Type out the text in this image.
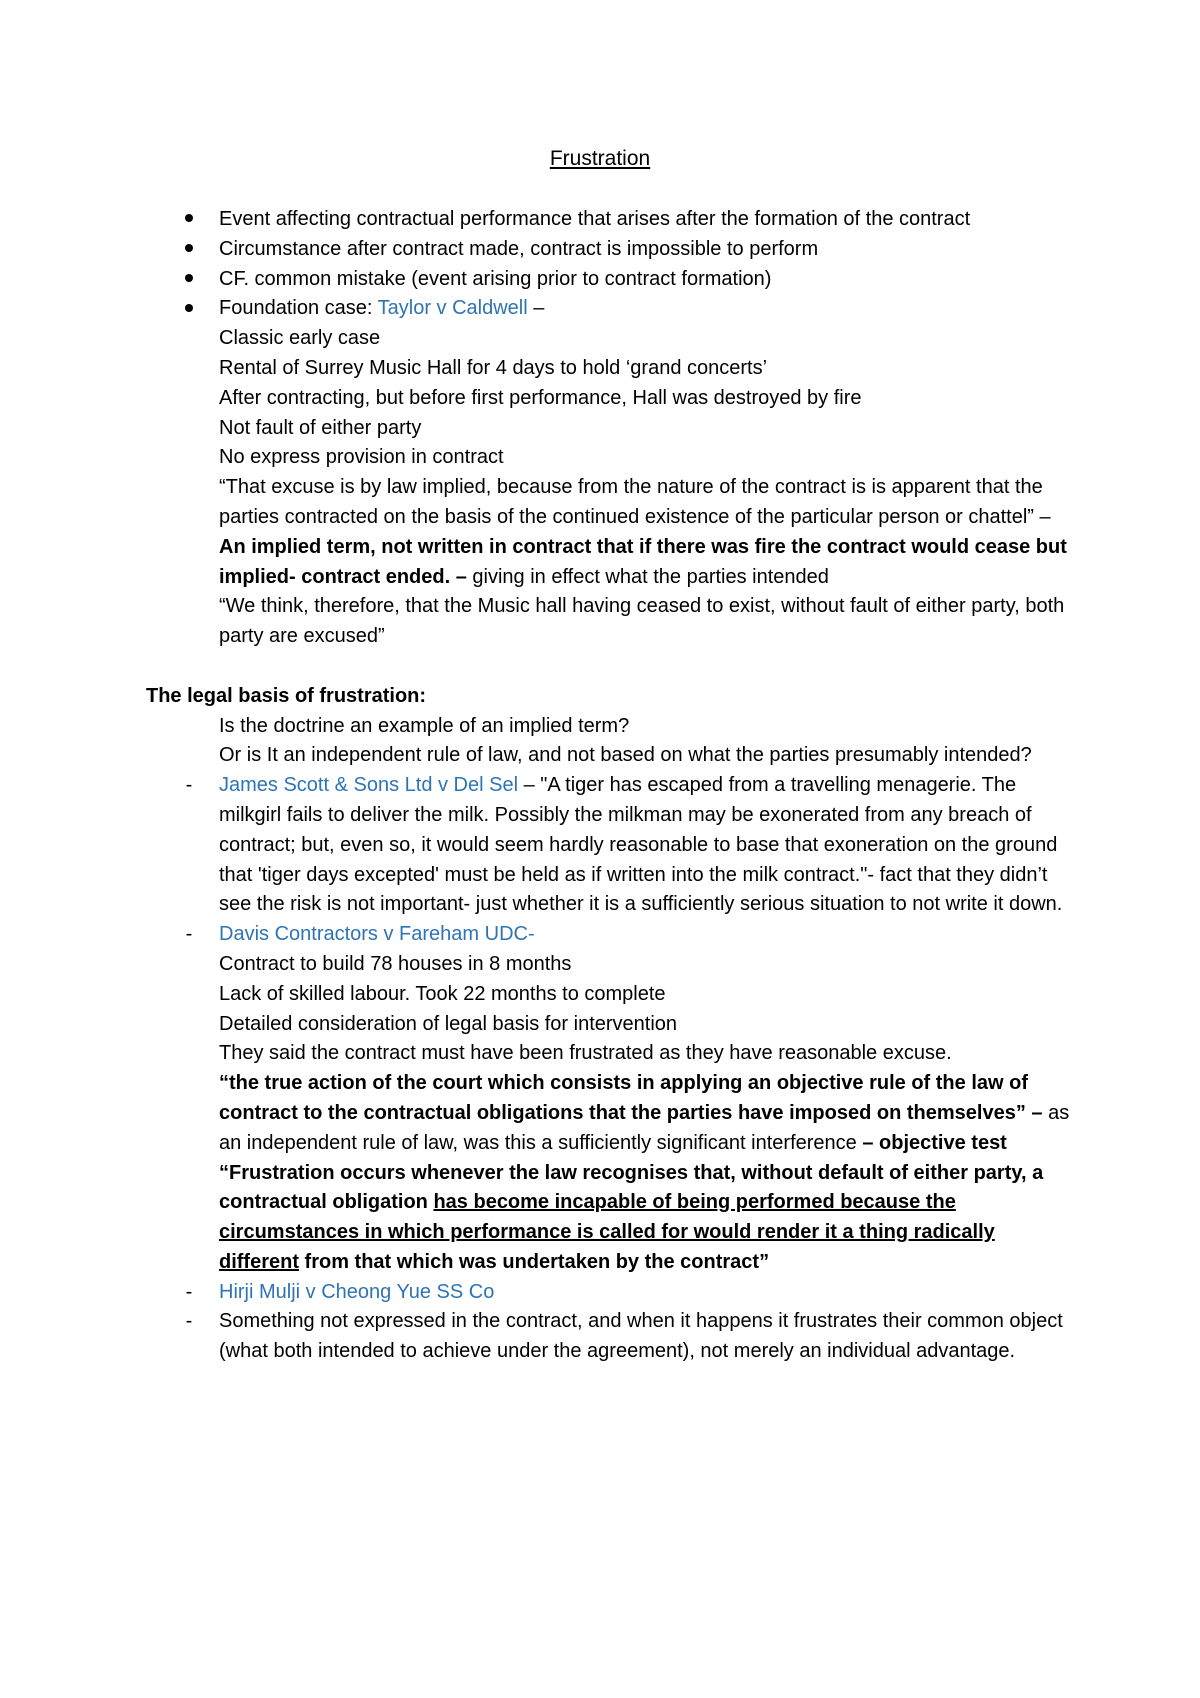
Frustration
Event affecting contractual performance that arises after the formation of the contract
Circumstance after contract made, contract is impossible to perform
CF. common mistake (event arising prior to contract formation)
Foundation case: Taylor v Caldwell –
Classic early case
Rental of Surrey Music Hall for 4 days to hold ‘grand concerts’
After contracting, but before first performance, Hall was destroyed by fire
Not fault of either party
No express provision in contract
“That excuse is by law implied, because from the nature of the contract is is apparent that the parties contracted on the basis of the continued existence of the particular person or chattel” – An implied term, not written in contract that if there was fire the contract would cease but implied- contract ended. – giving in effect what the parties intended
“We think, therefore, that the Music hall having ceased to exist, without fault of either party, both party are excused”
The legal basis of frustration:
Is the doctrine an example of an implied term?
Or is It an independent rule of law, and not based on what the parties presumably intended?
-	James Scott & Sons Ltd v Del Sel – "A tiger has escaped from a travelling menagerie. The milkgirl fails to deliver the milk. Possibly the milkman may be exonerated from any breach of contract; but, even so, it would seem hardly reasonable to base that exoneration on the ground that 'tiger days excepted' must be held as if written into the milk contract."- fact that they didn’t see the risk is not important- just whether it is a sufficiently serious situation to not write it down.
-	Davis Contractors v Fareham UDC-
Contract to build 78 houses in 8 months
Lack of skilled labour. Took 22 months to complete
Detailed consideration of legal basis for intervention
They said the contract must have been frustrated as they have reasonable excuse.
“the true action of the court which consists in applying an objective rule of the law of contract to the contractual obligations that the parties have imposed on themselves” – as an independent rule of law, was this a sufficiently significant interference – objective test
“Frustration occurs whenever the law recognises that, without default of either party, a contractual obligation has become incapable of being performed because the circumstances in which performance is called for would render it a thing radically different from that which was undertaken by the contract”
-	Hirji Mulji v Cheong Yue SS Co
-	Something not expressed in the contract, and when it happens it frustrates their common object (what both intended to achieve under the agreement), not merely an individual advantage.
